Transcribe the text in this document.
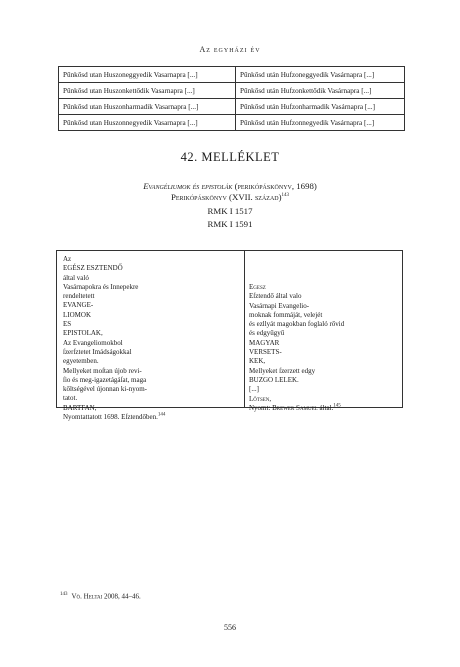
Az egyházi év
Pűnkősd utan Huszoneggyedik Vasarnapra [...]	Pűnkősd után Hufzoneggyedik Vasárnapra [...]
Pűnkősd utan Huszonkettődik Vasarnapra [...]	Pűnkősd után Hufzonkettődik Vasárnapra [...]
Pűnkősd utan Huszonharmadik Vasarnapra [...]	Pűnkősd után Hufzonharmadik Vasárnapra [...]
Pűnkősd utan Huszonnegyedik Vasarnapra [...]	Pűnkősd után Hufzonnegyedik Vasárnapra [...]
42. MELLÉKLET
Evangéliumok és epistolák (perikópáskönyv, 1698)
Perikópáskönyv (XVII. század)$^{143}$
RMK I 1517
RMK I 1591
Az
EGÉSZ ESZTENDŐ
által való
Vasárnapokra és Innepekre
rendeltetett
EVANGE-
LIOMOK
ES
EPISTOLAK,
Az Evangeliomokbol
ſzerſztetet Imádságokkal
egyetemben.
Mellyeket moſtan újob revi-
ſio és meg-igazetágáſat, maga
kőltségével újonnan ki-nyom-
tatot.
BARTFAN,
Nyomtattatott 1698. Eſztendőben.$^{144}$
Egesz
Eſztendő által valo
Vasárnapi Evangelio-
moknak fommáját, velejét
és ezllyát magokban foglaló rővid
és edgyűgyű
MAGYAR
VERSETS-
KEK,
Mellyeket ſzerzett edgy
BUZGO LELEK.
[...]
Lőtsen,
Nyomt: Brewer Samuel által.$^{145}$
$^{143}$ Vö. Heltai 2008, 44–46.
556
